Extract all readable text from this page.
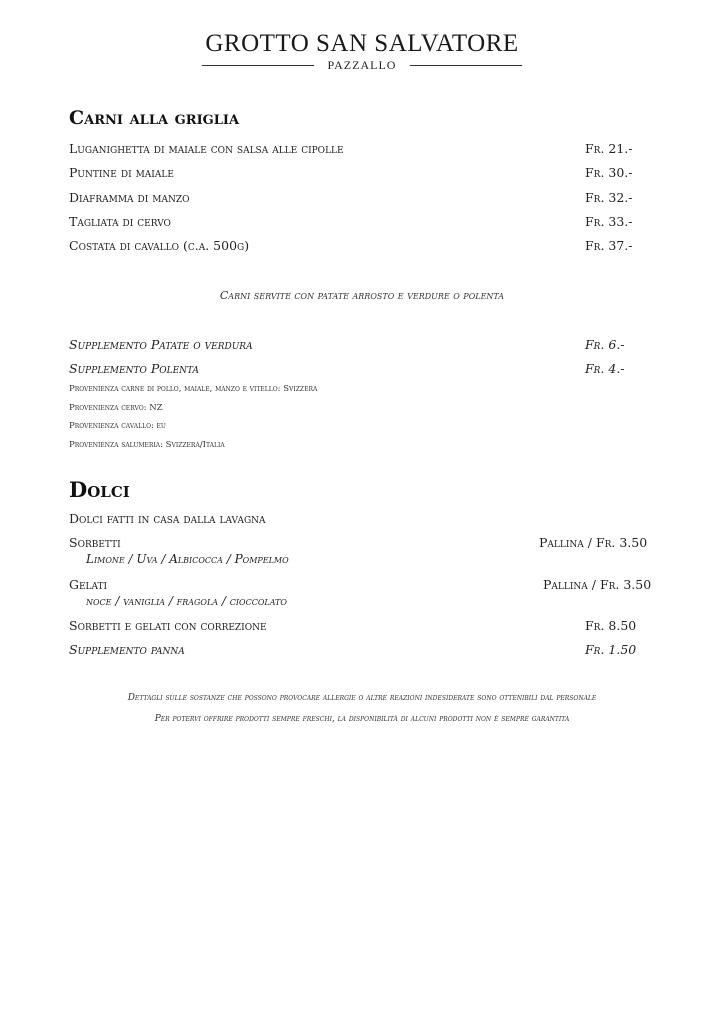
GROTTO SAN SALVATORE
PAZZALLO
Carni alla griglia
Luganighetta di maiale con salsa alle cipolle	Fr. 21.-
Puntine di maiale	Fr. 30.-
Diaframma di manzo	Fr. 32.-
Tagliata di cervo	Fr. 33.-
Costata di cavallo (c.a. 500g)	Fr. 37.-
Carni servite con patate arrosto e verdure o polenta
Supplemento Patate o verdura	Fr. 6.-
Supplemento Polenta	Fr. 4.-
Provenienza carne di pollo, maiale, manzo e vitello: Svizzera
Provenienza cervo: NZ
Provenienza cavallo: eu
Provenienza salumeria: Svizzera/Italia
Dolci
Dolci fatti in casa dalla lavagna
Sorbetti	Pallina / Fr. 3.50
Limone / Uva / Albicocca / Pompelmo
Gelati	Pallina / Fr. 3.50
noce / vaniglia / fragola / cioccolato
Sorbetti e gelati con correzione	Fr. 8.50
Supplemento panna	Fr. 1.50
Dettagli sulle sostanze che possono provocare allergie o altre reazioni indesiderate sono ottenibili dal personale
Per potervi offrire prodotti sempre freschi, la disponibilità di alcuni prodotti non è sempre garantita
